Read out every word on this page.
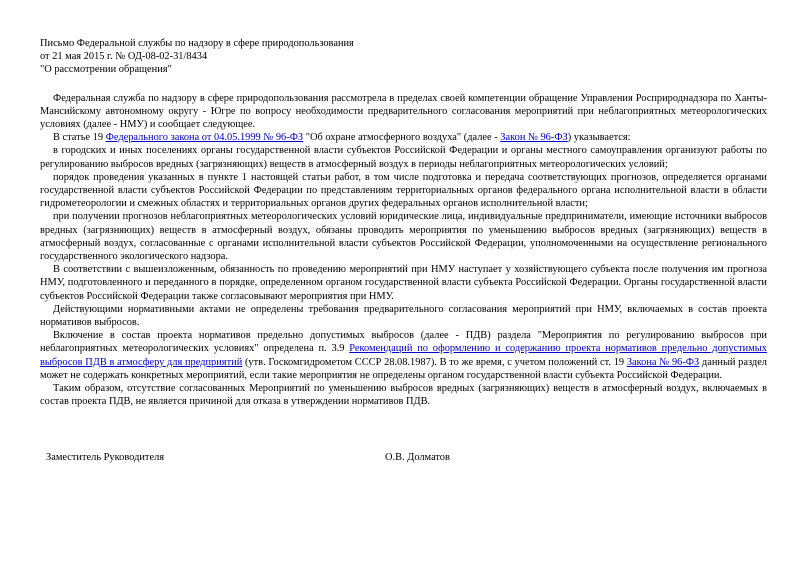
Письмо Федеральной службы по надзору в сфере природопользования
от 21 мая 2015 г. № ОД-08-02-31/8434
"О рассмотрении обращения"

Федеральная служба по надзору в сфере природопользования рассмотрела в пределах своей компетенции обращение Управления Росприроднадзора по Ханты-Мансийскому автономному округу - Югре по вопросу необходимости предварительного согласования мероприятий при неблагоприятных метеорологических условиях (далее - НМУ) и сообщает следующее.

В статье 19 Федерального закона от 04.05.1999 № 96-ФЗ "Об охране атмосферного воздуха" (далее - Закон № 96-ФЗ) указывается:

в городских и иных поселениях органы государственной власти субъектов Российской Федерации и органы местного самоуправления организуют работы по регулированию выбросов вредных (загрязняющих) веществ в атмосферный воздух в периоды неблагоприятных метеорологических условий;

порядок проведения указанных в пункте 1 настоящей статьи работ, в том числе подготовка и передача соответствующих прогнозов, определяется органами государственной власти субъектов Российской Федерации по представлениям территориальных органов федерального органа исполнительной власти в области гидрометеорологии и смежных областях и территориальных органов других федеральных органов исполнительной власти;

при получении прогнозов неблагоприятных метеорологических условий юридические лица, индивидуальные предприниматели, имеющие источники выбросов вредных (загрязняющих) веществ в атмосферный воздух, обязаны проводить мероприятия по уменьшению выбросов вредных (загрязняющих) веществ в атмосферный воздух, согласованные с органами исполнительной власти субъектов Российской Федерации, уполномоченными на осуществление регионального государственного экологического надзора.

В соответствии с вышеизложенным, обязанность по проведению мероприятий при НМУ наступает у хозяйствующего субъекта после получения им прогноза НМУ, подготовленного и переданного в порядке, определенном органом государственной власти субъекта Российской Федерации. Органы государственной власти субъектов Российской Федерации также согласовывают мероприятия при НМУ.

Действующими нормативными актами не определены требования предварительного согласования мероприятий при НМУ, включаемых в состав проекта нормативов выбросов.

Включение в состав проекта нормативов предельно допустимых выбросов (далее - ПДВ) раздела "Мероприятия по регулированию выбросов при неблагоприятных метеорологических условиях" определена п. 3.9 Рекомендаций по оформлению и содержанию проекта нормативов предельно допустимых выбросов ПДВ в атмосферу для предприятий (утв. Госкомгидрометом СССР 28.08.1987). В то же время, с учетом положений ст. 19 Закона № 96-ФЗ данный раздел может не содержать конкретных мероприятий, если такие мероприятия не определены органом государственной власти субъекта Российской Федерации.

Таким образом, отсутствие согласованных Мероприятий по уменьшению выбросов вредных (загрязняющих) веществ в атмосферный воздух, включаемых в состав проекта ПДВ, не является причиной для отказа в утверждении нормативов ПДВ.

Заместитель Руководителя	О.В. Долматов
